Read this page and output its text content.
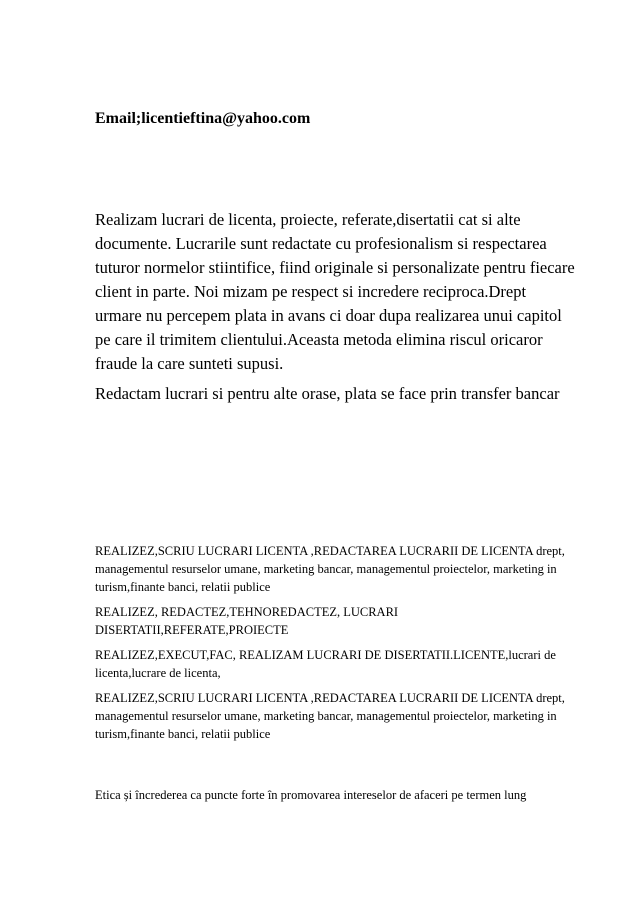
Email;licentieftina@yahoo.com

Realizam lucrari de licenta, proiecte, referate,disertatii cat si alte documente. Lucrarile sunt redactate cu profesionalism si respectarea tuturor normelor stiintifice, fiind originale si personalizate pentru fiecare client in parte. Noi mizam pe respect si incredere reciproca.Drept urmare nu percepem plata in avans ci doar dupa realizarea unui capitol pe care il trimitem clientului.Aceasta metoda elimina riscul oricaror fraude la care sunteti supusi.

Redactam lucrari si pentru alte orase, plata se face prin transfer bancar

REALIZEZ,SCRIU LUCRARI LICENTA ,REDACTAREA LUCRARII DE LICENTA drept, managementul resurselor umane, marketing bancar, managementul proiectelor, marketing in turism,finante banci, relatii publice

REALIZEZ, REDACTEZ,TEHNOREDACTEZ, LUCRARI DISERTATII,REFERATE,PROIECTE

REALIZEZ,EXECUT,FAC, REALIZAM LUCRARI DE DISERTATII.LICENTE,lucrari de licenta,lucrare de licenta,

REALIZEZ,SCRIU LUCRARI LICENTA ,REDACTAREA LUCRARII DE LICENTA drept, managementul resurselor umane, marketing bancar, managementul proiectelor, marketing in turism,finante banci, relatii publice

Etica și încrederea ca puncte forte în promovarea intereselor de afaceri pe termen lung
